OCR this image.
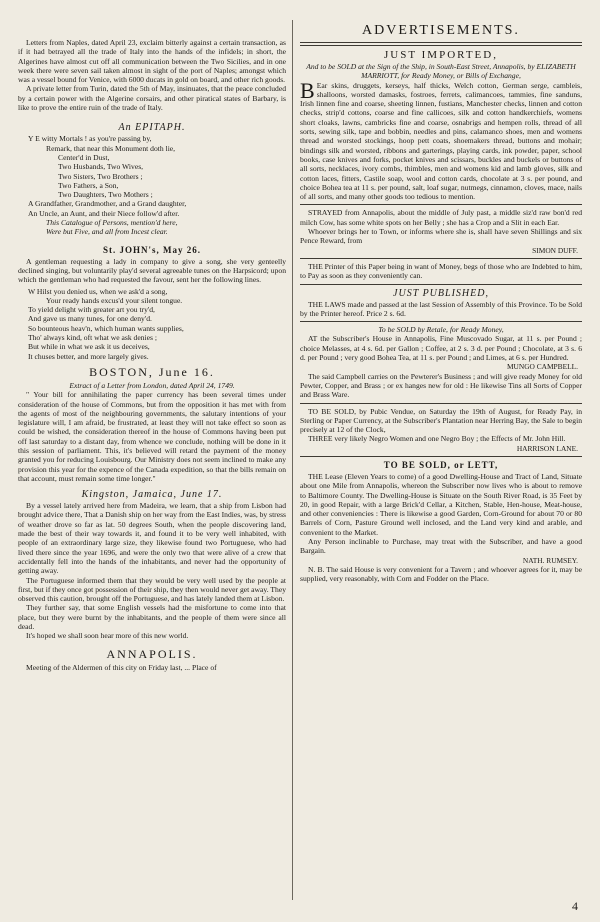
Letters from Naples, dated April 23, exclaim bitterly against a certain transaction, as if it had betrayed all the trade of Italy into the hands of the infidels; in short, the Algerines have almost cut off all communication between the Two Sicilies, and in one week there were seven sail taken almost in sight of the port of Naples; amongst which was a vessel bound for Venice, with 6000 ducats in gold on board, and other rich goods.

A private letter from Turin, dated the 5th of May, insinuates, that the peace concluded by a certain power with the Algerine corsairs, and other piratical states of Barbary, is like to prove the entire ruin of the trade of Italy.

An EPITAPH.

Y E witty Mortals ! as you're passing by,

Remark, that near this Monument doth lie,

Center'd in Dust,

Two Husbands, Two Wives,

Two Sisters, Two Brothers ;

Two Fathers, a Son,

Two Daughters, Two Mothers ;

A Grandfather, Grandmother, and a Grand daughter,

An Uncle, an Aunt, and their Niece follow'd after.

This Catalogue of Persons, mention'd here,

Were but Five, and all from Incest clear.

St. JOHN's, May 26.

A gentleman requesting a lady in company to give a song, she very genteelly declined singing, but voluntarily play'd several agreeable tunes on the Harpsicord; upon which the gentleman who had requested the favour, sent her the following lines.

W Hilst you denied us, when we ask'd a song,

Your ready hands excus'd your silent tongue.

To yield delight with greater art you try'd,

And gave us many tunes, for one deny'd.

So bounteous heav'n, which human wants supplies,

Tho' always kind, oft what we ask denies ;

But while in what we ask it us deceives,

It chuses better, and more largely gives.

BOSTON, June 16.

Extract of a Letter from London, dated April 24, 1749.

" Your bill for annihilating the paper currency has been several times under consideration of the house of Commons, but from the opposition it has met with from the agents of most of the neighbouring governments, the salutary intentions of your legislature will, I am afraid, be frustrated, at least they will not take effect so soon as could be wished, the consideration thereof in the house of Commons having been put off last saturday to a distant day, from whence we conclude, nothing will be done in it this session of parliament. This, it's believed will retard the payment of the money granted you for reducing Louisbourg. Our Ministry does not seem inclined to make any provision this year for the expence of the Canada expedition, so that the bills remain on that account, must remain some time longer."

Kingston, Jamaica, June 17.

By a vessel lately arrived here from Madeira, we learn, that a ship from Lisbon had brought advice there, That a Danish ship on her way from the East Indies, was, by stress of weather drove so far as lat. 50 degrees South, when the people discovering land, made the best of their way towards it, and found it to be very well inhabited, with people of an extraordinary large size, they likewise found two Portuguese, who had lived there since the year 1696, and were the only two that were alive of a crew that accidentally fell into the hands of the inhabitants, and never had the opportunity of getting away.

The Portuguese informed them that they would be very well used by the people at first, but if they once got possession of their ship, they then would never get away. They observed this caution, brought off the Portuguese, and has lately landed them at Lisbon.

They further say, that some English vessels had the misfortune to come into that place, but they were burnt by the inhabitants, and the people of them were since all dead.

It's hoped we shall soon hear more of this new world.

ANNAPOLIS.

Meeting of the Aldermen of this city on Friday last, ... Place of

ADVERTISEMENTS.
JUST IMPORTED,

And to be SOLD at the Sign of the Ship, in South-East Street, Annapolis, by ELIZABETH MARRIOTT, for Ready Money, or Bills of Exchange,

B Ear skins, druggets, kerseys, half thicks, Welch cotton, German serge, cambleis, shalloons, worsted damasks, fostroes, ferrets, calimancoes, tammies, fine sanduns, Irish linnen fine and coarse, sheeting linnen, fustians, Manchester checks, linnen and cotton checks, strip'd cottons, coarse and fine callicoes, silk and cotton handkerchiefs, womens short cloaks, lawns, cambricks fine and coarse, osnabrigs and hempen rolls, thread of all sorts, sewing silk, tape and bobbin, needles and pins, calamanco shoes, men and womens thread and worsted stockings, hoop pett coats, shoemakers thread, buttons and mohair; bindings silk and worsted, ribbons and garterings, playing cards, ink powder, paper, school books, case knives and forks, pocket knives and scissars, buckles and buckels or buttons of all sorts, necklaces, ivory combs, thimbles, men and womens kid and lamb gloves, silk and cotton laces, fitters, Castile soap, wool and cotton cards, chocolate at 3 s. per pound, and choice Bohea tea at 11 s. per pound, salt, loaf sugar, nutmegs, cinnamon, cloves, mace, nails of all sorts, and many other goods too tedious to mention.

STRAYED from Annapolis, about the middle of July past, a middle siz'd raw bon'd red milch Cow, has some white spots on her Belly ; she has a Crop and a Slit in each Ear.

Whoever brings her to Town, or informs where she is, shall have seven Shillings and six Pence Reward, from

SIMON DUFF.

THE Printer of this Paper being in want of Money, begs of those who are Indebted to him, to Pay as soon as they conveniently can.

JUST PUBLISHED,

THE LAWS made and passed at the last Session of Assembly of this Province. To be Sold by the Printer hereof. Price 2 s. 6d.

To be SOLD by Retale, for Ready Money,

AT the Subscriber's House in Annapolis, Fine Muscovado Sugar, at 11 s. per Pound ; choice Melasses, at 4 s. 6d. per Gallon ; Coffee, at 2 s. 3 d. per Pound ; Chocolate, at 3 s. 6 d. per Pound ; very good Bohea Tea, at 11 s. per Pound ; and Limes, at 6 s. per Hundred.

MUNGO CAMPBELL.

The said Campbell carries on the Pewterer's Business ; and will give ready Money for old Pewter, Copper, and Brass ; or ex hanges new for old : He likewise Tins all Sorts of Copper and Brass Ware.

TO BE SOLD, by Pubic Vendue, on Saturday the 19th of August, for Ready Pay, in Sterling or Paper Currency, at the Subscriber's Plantation near Herring Bay, the Sale to begin precisely at 12 of the Clock,

THREE very likely Negro Women and one Negro Boy ; the Effects of Mr. John Hill.

HARRISON LANE.

TO BE SOLD, or LETT,

THE Lease (Eleven Years to come) of a good Dwelling-House and Tract of Land, Situate about one Mile from Annapolis, whereon the Subscriber now lives who is about to remove to Baltimore County. The Dwelling-House is Situate on the South River Road, is 35 Feet by 20, in good Repair, with a large Brick'd Cellar, a Kitchen, Stable, Hen-house, Meat-house, and other conveniencies : There is likewise a good Garden, Corn-Ground for about 70 or 80 Barrels of Corn, Pasture Ground well inclosed, and the Land very kind and arable, and convenient to the Market.

Any Person inclinable to Purchase, may treat with the Subscriber, and have a good Bargain.

NATH. RUMSEY.

N. B. The said House is very convenient for a Tavern ; and whoever agrees for it, may be supplied, very reasonably, with Corn and Fodder on the Place.

4
